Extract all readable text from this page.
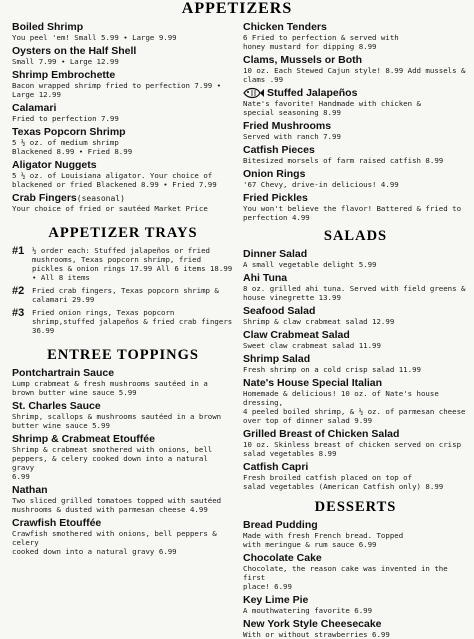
APPETIZERS
Boiled Shrimp
You peel 'em! Small 5.99 • Large 9.99
Oysters on the Half Shell
Small 7.99 • Large 12.99
Shrimp Embrochette
Bacon wrapped shrimp fried to perfection 7.99 • Large 12.99
Calamari
Fried to perfection 7.99
Texas Popcorn Shrimp
5 ½ oz. of medium shrimp
Blackened 8.99 • Fried 8.99
Aligator Nuggets
5 ½ oz. of Louisiana aligator. Your choice of
blackened or fried Blackened 8.99 • Fried 7.99
Crab Fingers (seasonal)
Your choice of fried or sautéed Market Price
APPETIZER TRAYS
#1	½ order each: Stuffed jalapeños or fried mushrooms, Texas popcorn shrimp, fried pickles & onion rings 17.99 All 6 items 18.99 • All 8 items
#2	Fried crab fingers, Texas popcorn shrimp & calamari 29.99
#3	Fried onion rings, Texas popcorn shrimp,stuffed jalapeños & fried crab fingers 36.99
ENTREE TOPPINGS
Pontchartrain Sauce
Lump crabmeat & fresh mushrooms sautéed in a
brown butter wine sauce 5.99
St. Charles Sauce
Shrimp, scallops & mushrooms sautéed in a brown
butter wine sauce 5.99
Shrimp & Crabmeat Etouffée
Shrimp & crabmeat smothered with onions, bell
peppers, & celery cooked down into a natural gravy
6.99
Nathan
Two sliced grilled tomatoes topped with sautéed
mushrooms & dusted with parmesan cheese 4.99
Crawfish Etouffée
Crawfish smothered with onions, bell peppers & celery
cooked down into a natural gravy 6.99
Chicken Tenders
6 Fried to perfection & served with
honey mustard for dipping 8.99
Clams, Mussels or Both
10 oz. Each Stewed Cajun style! 8.99 Add mussels & clams .99
Stuffed Jalapeños
Nate's favorite! Handmade with chicken &
special seasoning 8.99
Fried Mushrooms
Served with ranch 7.99
Catfish Pieces
Bitesized morsels of farm raised catfish 8.99
Onion Rings
'67 Chevy, drive-in delicious! 4.99
Fried Pickles
You won't believe the flavor! Battered & fried to
perfection 4.99
SALADS
Dinner Salad
A small vegetable delight 5.99
Ahi Tuna
8 oz. grilled ahi tuna. Served with field greens &
house vinegrette 13.99
Seafood Salad
Shrimp & claw crabmeat salad 12.99
Claw Crabmeat Salad
Sweet claw crabmeat salad 11.99
Shrimp Salad
Fresh shrimp on a cold crisp salad 11.99
Nate's House Special Italian
Homemade & delicious! 10 oz. of Nate's house dressing,
4 peeled boiled shrimp, & ½ oz. of parmesan cheese
over top of dinner salad 9.99
Grilled Breast of Chicken Salad
10 oz. Skinless breast of chicken served on crisp
salad vegetables 8.99
Catfish Capri
Fresh broiled catfish placed on top of
salad vegetables (American Catfish only) 8.99
DESSERTS
Bread Pudding
Made with fresh French bread. Topped
with meringue & rum sauce 6.99
Chocolate Cake
Chocolate, the reason cake was invented in the first
place! 6.99
Key Lime Pie
A mouthwatering favorite 6.99
New York Style Cheesecake
With or without strawberries 6.99
